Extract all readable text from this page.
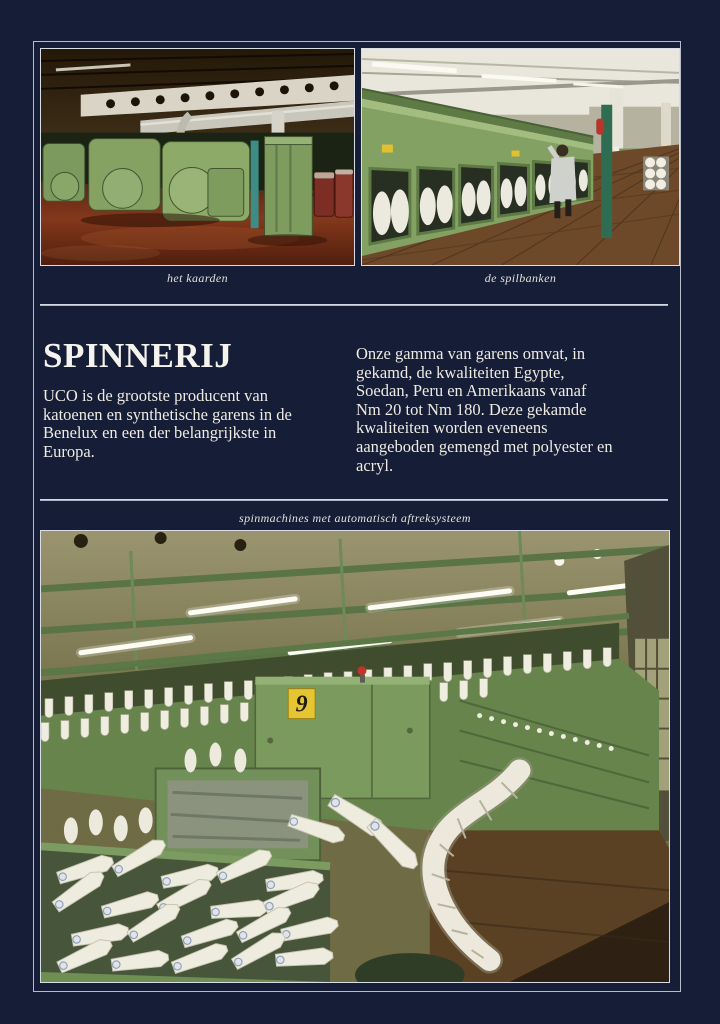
het kaarden	de spilbanken
SPINNERIJ
UCO is de grootste producent van
katoenen en synthetische garens in de
Benelux en een der belangrijkste in
Europa.
Onze gamma van garens omvat, in
gekamd, de kwaliteiten Egypte,
Soedan, Peru en Amerikaans vanaf
Nm 20 tot Nm 180. Deze gekamde
kwaliteiten worden eveneens
aangeboden gemengd met polyester en
acryl.
spinmachines met automatisch aftreksysteem
9
